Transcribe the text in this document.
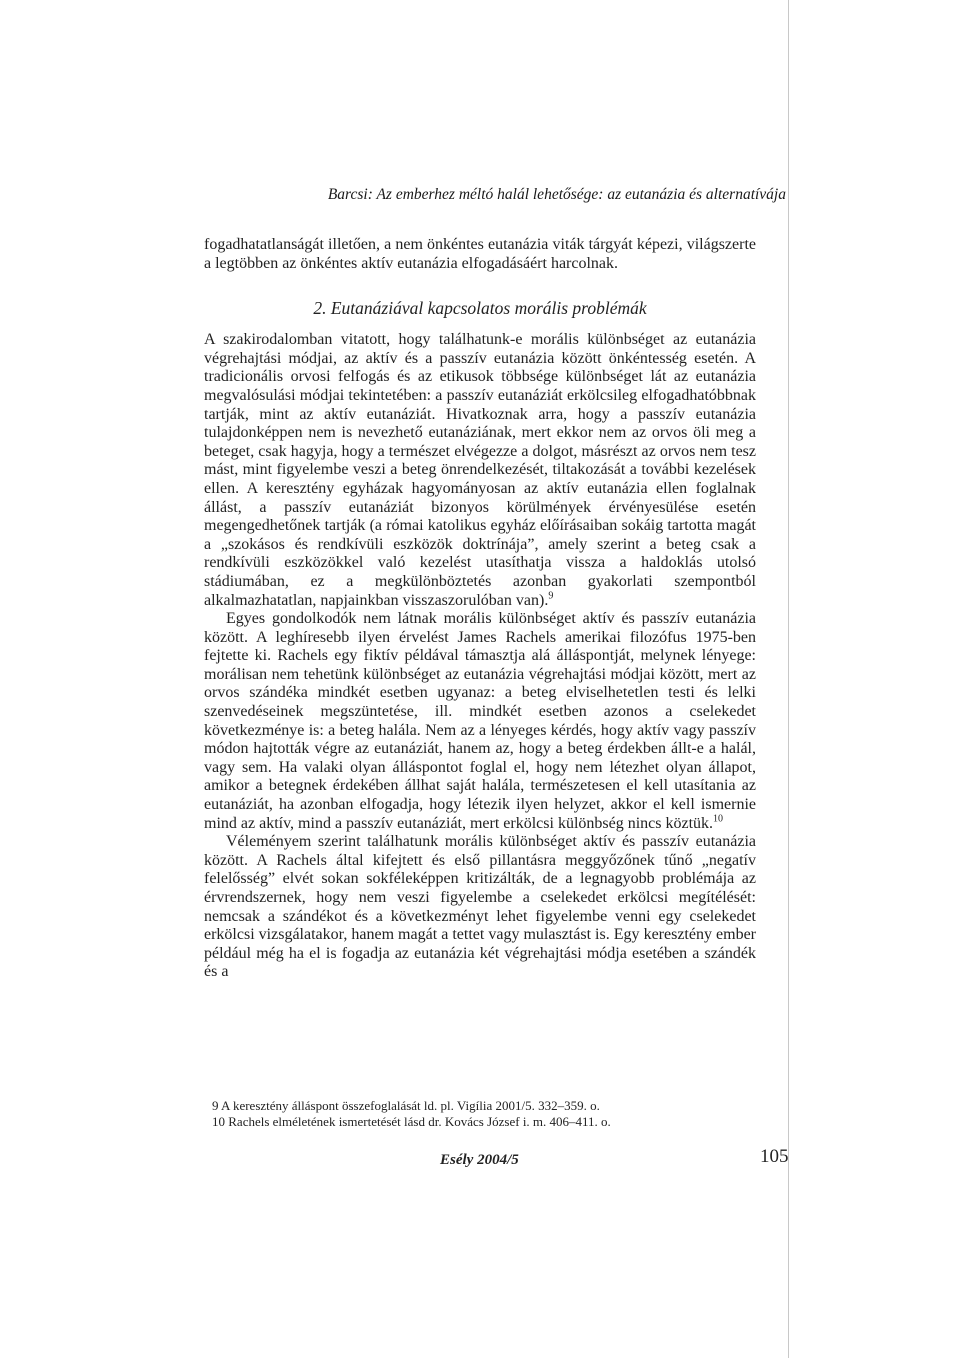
Barcsi: Az emberhez méltó halál lehetősége: az eutanázia és alternatívája

fogadhatatlanságát illetően, a nem önkéntes eutanázia viták tárgyát képezi, világszerte a legtöbben az önkéntes aktív eutanázia elfogadásáért harcolnak.

2. Eutanáziával kapcsolatos morális problémák

A szakirodalomban vitatott, hogy találhatunk-e morális különbséget az eutanázia végrehajtási módjai, az aktív és a passzív eutanázia között önkéntesség esetén. A tradicionális orvosi felfogás és az etikusok többsége különbséget lát az eutanázia megvalósulási módjai tekintetében: a passzív eutanáziát erkölcsileg elfogadhatóbbnak tartják, mint az aktív eutanáziát. Hivatkoznak arra, hogy a passzív eutanázia tulajdonképpen nem is nevezhető eutanáziának, mert ekkor nem az orvos öli meg a beteget, csak hagyja, hogy a természet elvégezze a dolgot, másrészt az orvos nem tesz mást, mint figyelembe veszi a beteg önrendelkezését, tiltakozását a további kezelések ellen. A keresztény egyházak hagyományosan az aktív eutanázia ellen foglalnak állást, a passzív eutanáziát bizonyos körülmények érvényesülése esetén megengedhetőnek tartják (a római katolikus egyház előírásaiban sokáig tartotta magát a „szokásos és rendkívüli eszközök doktrínája”, amely szerint a beteg csak a rendkívüli eszközökkel való kezelést utasíthatja vissza a haldoklás utolsó stádiumában, ez a megkülönböztetés azonban gyakorlati szempontból alkalmazhatatlan, napjainkban visszaszorulóban van).$^9$

Egyes gondolkodók nem látnak morális különbséget aktív és passzív eutanázia között. A leghíresebb ilyen érvelést James Rachels amerikai filozófus 1975-ben fejtette ki. Rachels egy fiktív példával támasztja alá álláspontját, melynek lényege: morálisan nem tehetünk különbséget az eutanázia végrehajtási módjai között, mert az orvos szándéka mindkét esetben ugyanaz: a beteg elviselhetetlen testi és lelki szenvedéseinek megszüntetése, ill. mindkét esetben azonos a cselekedet következménye is: a beteg halála. Nem az a lényeges kérdés, hogy aktív vagy passzív módon hajtották végre az eutanáziát, hanem az, hogy a beteg érdekben állt-e a halál, vagy sem. Ha valaki olyan álláspontot foglal el, hogy nem létezhet olyan állapot, amikor a betegnek érdekében állhat saját halála, természetesen el kell utasítania az eutanáziát, ha azonban elfogadja, hogy létezik ilyen helyzet, akkor el kell ismernie mind az aktív, mind a passzív eutanáziát, mert erkölcsi különbség nincs köztük.$^{10}$

Véleményem szerint találhatunk morális különbséget aktív és passzív eutanázia között. A Rachels által kifejtett és első pillantásra meggyőzőnek tűnő „negatív felelősség” elvét sokan sokféleképpen kritizálták, de a legnagyobb problémája az érvrendszernek, hogy nem veszi figyelembe a cselekedet erkölcsi megítélését: nemcsak a szándékot és a következményt lehet figyelembe venni egy cselekedet erkölcsi vizsgálatakor, hanem magát a tettet vagy mulasztást is. Egy keresztény ember például még ha el is fogadja az eutanázia két végrehajtási módja esetében a szándék és a

9 A keresztény álláspont összefoglalását ld. pl. Vigília 2001/5. 332–359. o.
10 Rachels elméletének ismertetését lásd dr. Kovács József i. m. 406–411. o.
Esély 2004/5	105
